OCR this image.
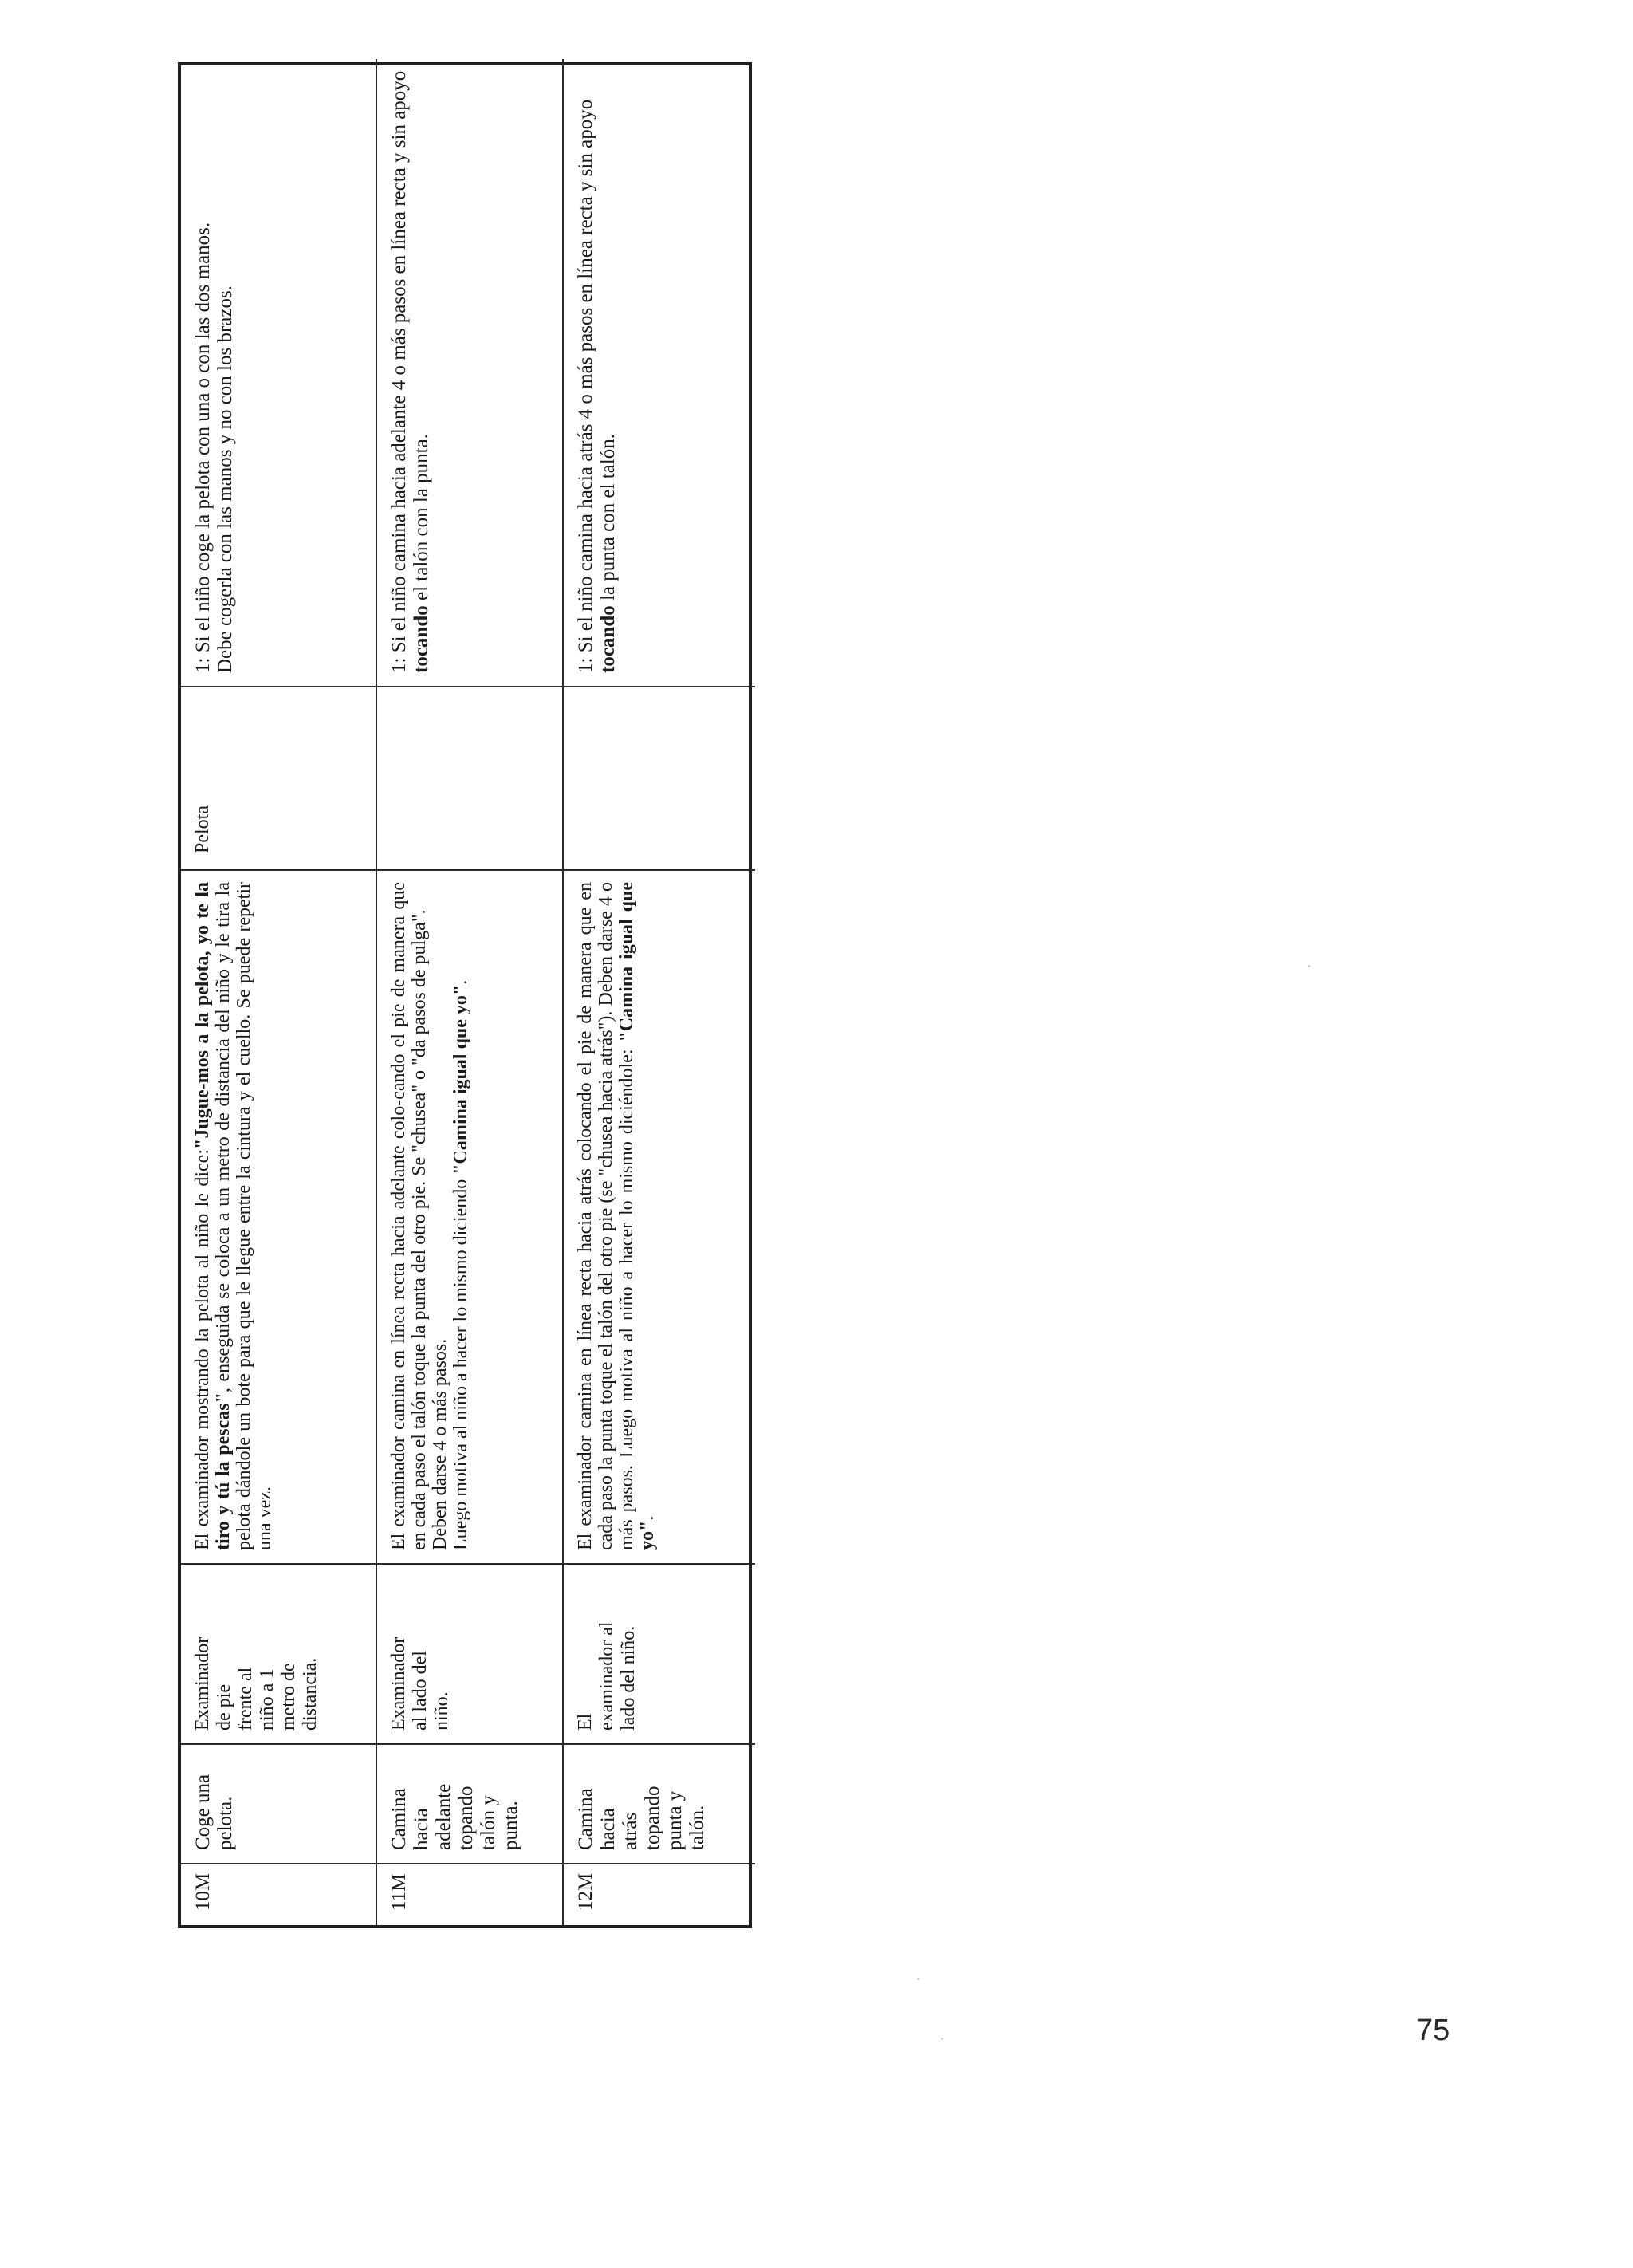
10M
Coge una
pelota.
Examinador
de pie
frente al
niño a 1
metro de
distancia.
El examinador mostrando la pelota al niño le dice:"Jugue-mos a la pelota, yo te la tiro y tú la pescas", enseguida se coloca a un metro de distancia del niño y le tira la pelota dándole un bote para que le llegue entre la cintura y el cuello. Se puede repetir una vez.
Pelota
1: Si el niño coge la pelota con una o con las dos manos.
Debe cogerla con las manos y no con los brazos.
11M
Camina hacia
adelante
topando
talón y
punta.
Examinador
al lado del
niño.
El examinador camina en línea recta hacia adelante colo-cando el pie de manera que en cada paso el talón toque la punta del otro pie. Se "chusea" o "da pasos de pulga".
Deben darse 4 o más pasos.
Luego motiva al niño a hacer lo mismo diciendo "Camina igual que yo".
1: Si el niño camina hacia adelante 4 o más pasos en línea recta y sin apoyo tocando el talón con la punta.
12M
Camina hacia
atrás topando
punta y talón.
El
examinador al
lado del niño.
El examinador camina en línea recta hacia atrás colocando el pie de manera que en cada paso la punta toque el talón del otro pie (se "chusea hacia atrás"). Deben darse 4 o más pasos. Luego motiva al niño a hacer lo mismo diciéndole: "Camina igual que yo".
1: Si el niño camina hacia atrás 4 o más pasos en línea recta y sin apoyo tocando la punta con el talón.
75
